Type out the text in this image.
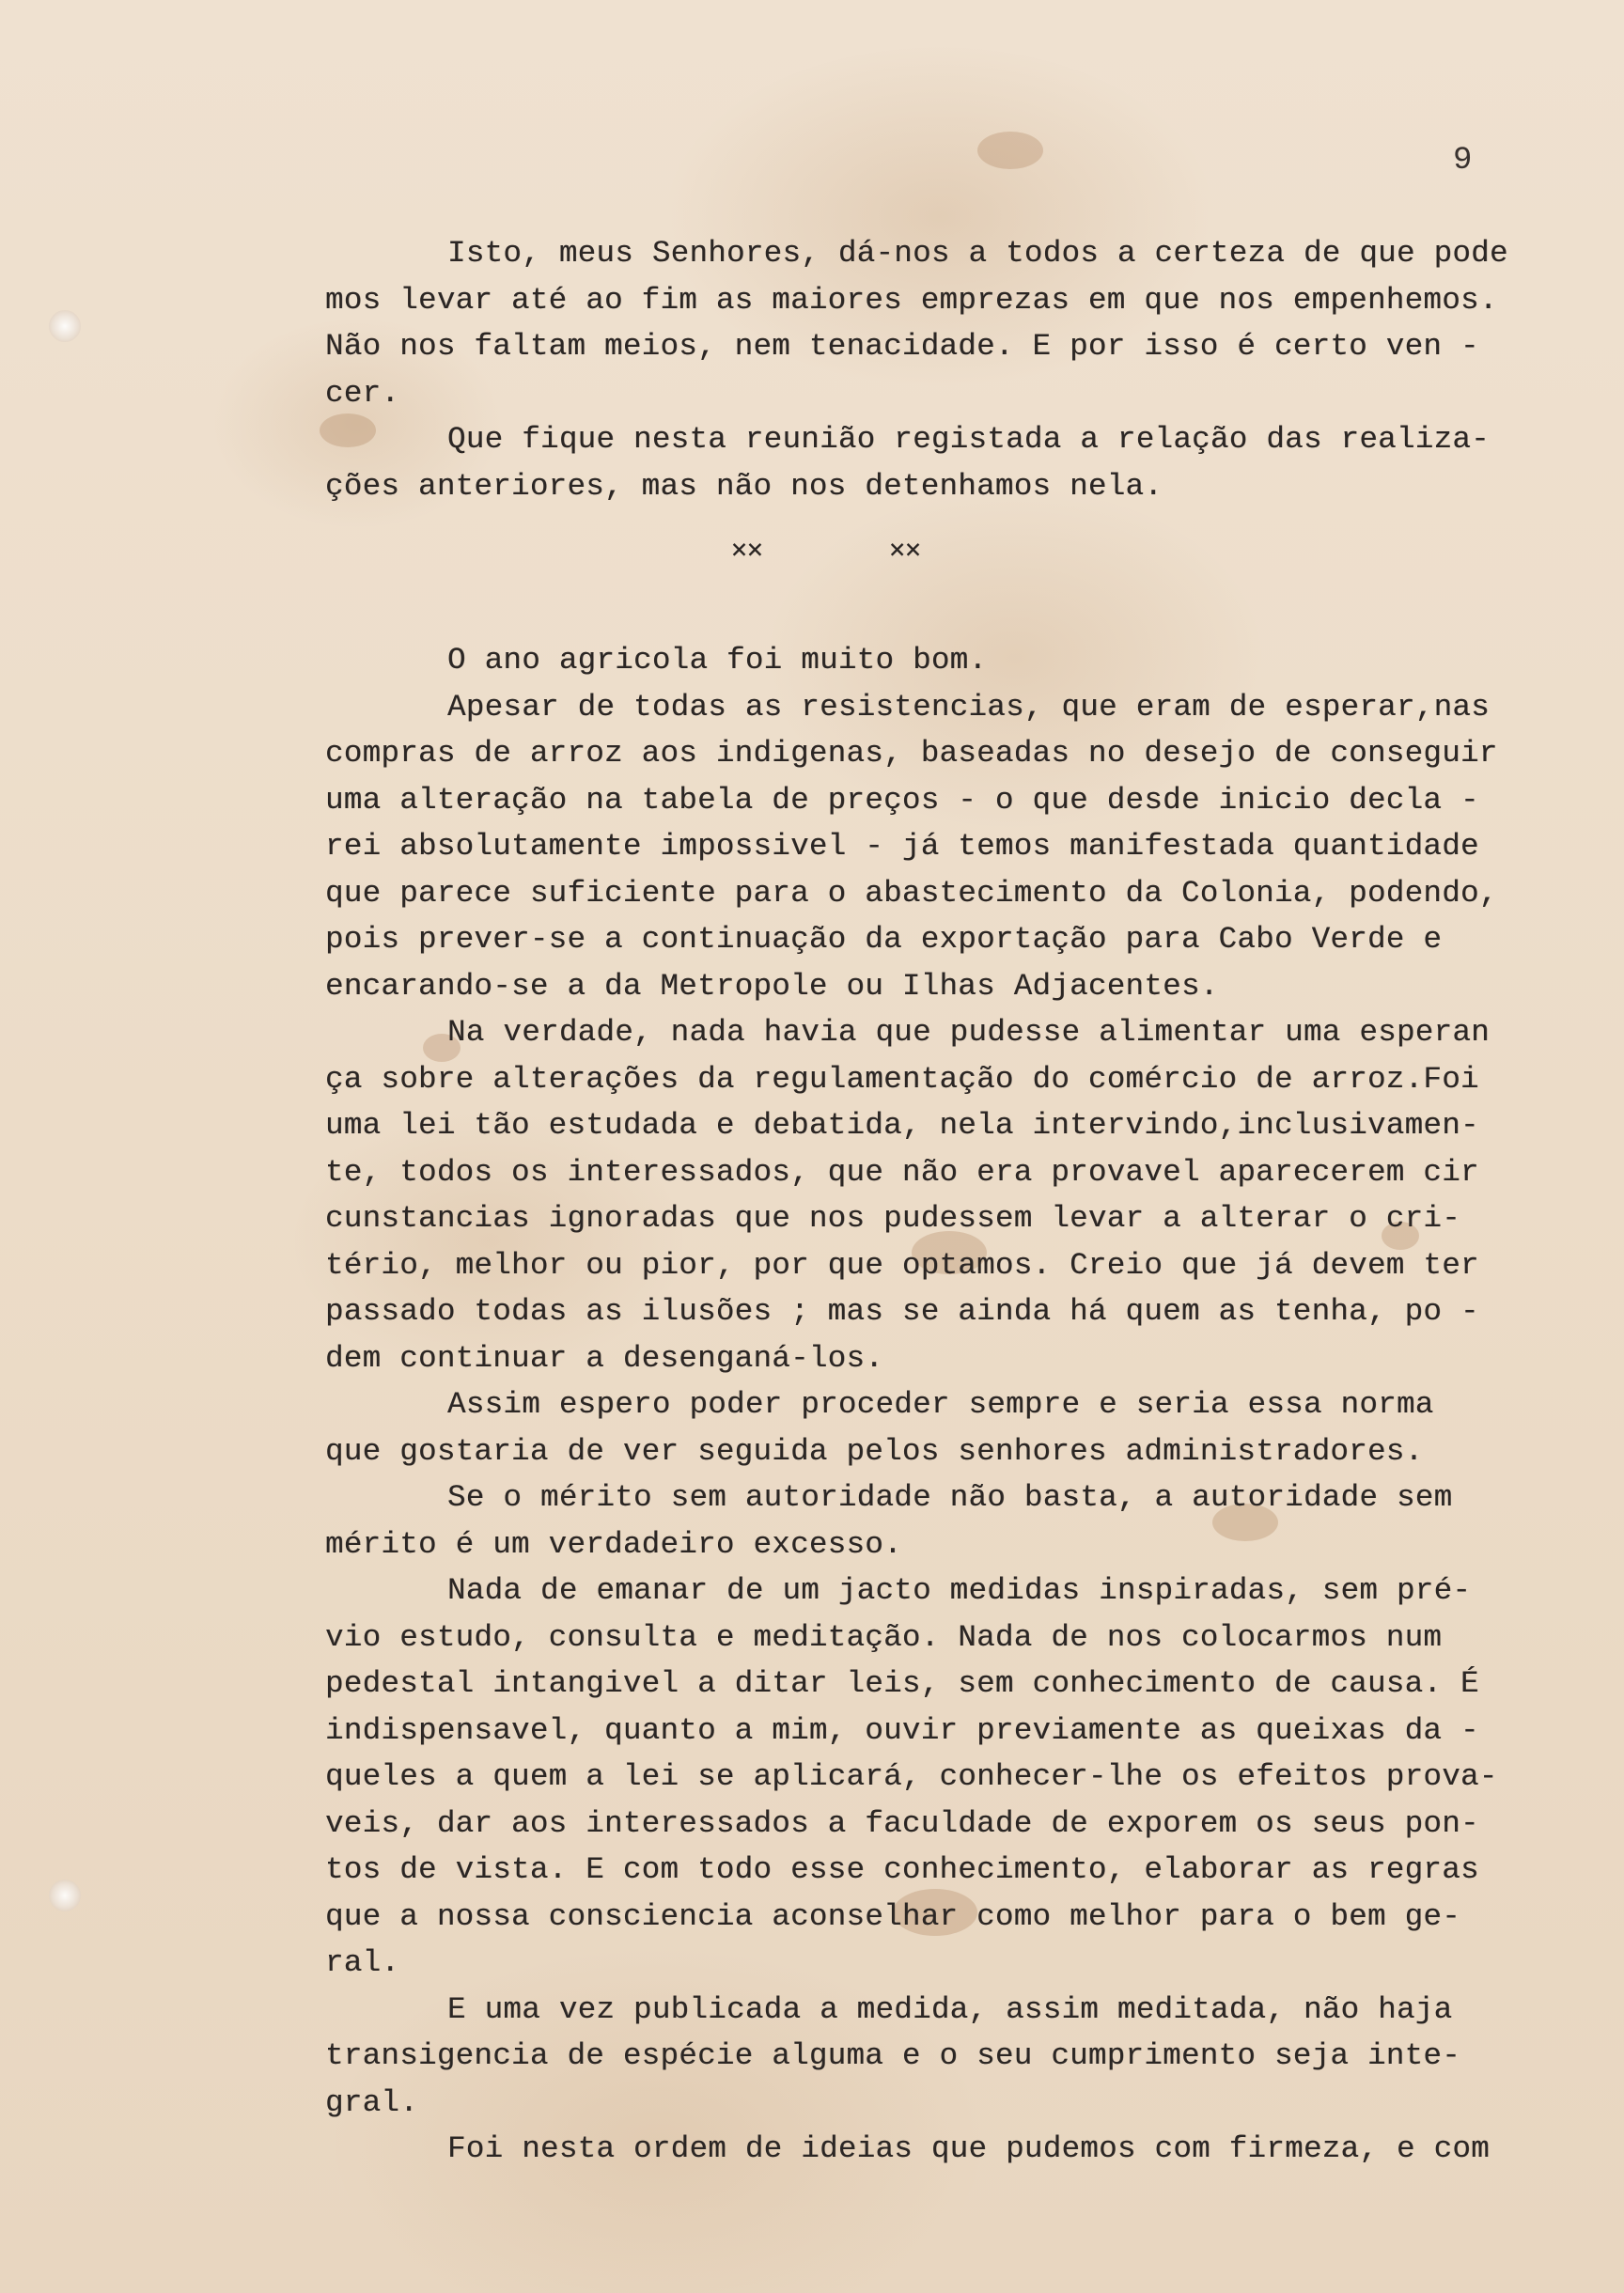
9
Isto, meus Senhores, dá-nos a todos a certeza de que pode
mos levar até ao fim as maiores emprezas em que nos empenhemos.
Não nos faltam meios, nem tenacidade. E por isso é certo ven -
cer.
Que fique nesta reunião registada a relação das realiza-
ções anteriores, mas não nos detenhamos nela.
✕✕        ✕✕
O ano agricola foi muito bom.
Apesar de todas as resistencias, que eram de esperar,nas
compras de arroz aos indigenas, baseadas no desejo de conseguir
uma alteração na tabela de preços - o que desde inicio decla -
rei absolutamente impossivel - já temos manifestada quantidade
que parece suficiente para o abastecimento da Colonia, podendo,
pois prever-se a continuação da exportação para Cabo Verde e
encarando-se a da Metropole ou Ilhas Adjacentes.
Na verdade, nada havia que pudesse alimentar uma esperan
ça sobre alterações da regulamentação do comércio de arroz.Foi
uma lei tão estudada e debatida, nela intervindo,inclusivamen-
te, todos os interessados, que não era provavel aparecerem cir
cunstancias ignoradas que nos pudessem levar a alterar o cri-
tério, melhor ou pior, por que optamos. Creio que já devem ter
passado todas as ilusões ; mas se ainda há quem as tenha, po -
dem continuar a desenganá-los.
Assim espero poder proceder sempre e seria essa norma
que gostaria de ver seguida pelos senhores administradores.
Se o mérito sem autoridade não basta, a autoridade sem
mérito é um verdadeiro excesso.
Nada de emanar de um jacto medidas inspiradas, sem pré-
vio estudo, consulta e meditação. Nada de nos colocarmos num
pedestal intangivel a ditar leis, sem conhecimento de causa. É
indispensavel, quanto a mim, ouvir previamente as queixas da -
queles a quem a lei se aplicará, conhecer-lhe os efeitos prova-
veis, dar aos interessados a faculdade de exporem os seus pon-
tos de vista. E com todo esse conhecimento, elaborar as regras
que a nossa consciencia aconselhar como melhor para o bem ge-
ral.
E uma vez publicada a medida, assim meditada, não haja
transigencia de espécie alguma e o seu cumprimento seja inte-
gral.
Foi nesta ordem de ideias que pudemos com firmeza, e com
